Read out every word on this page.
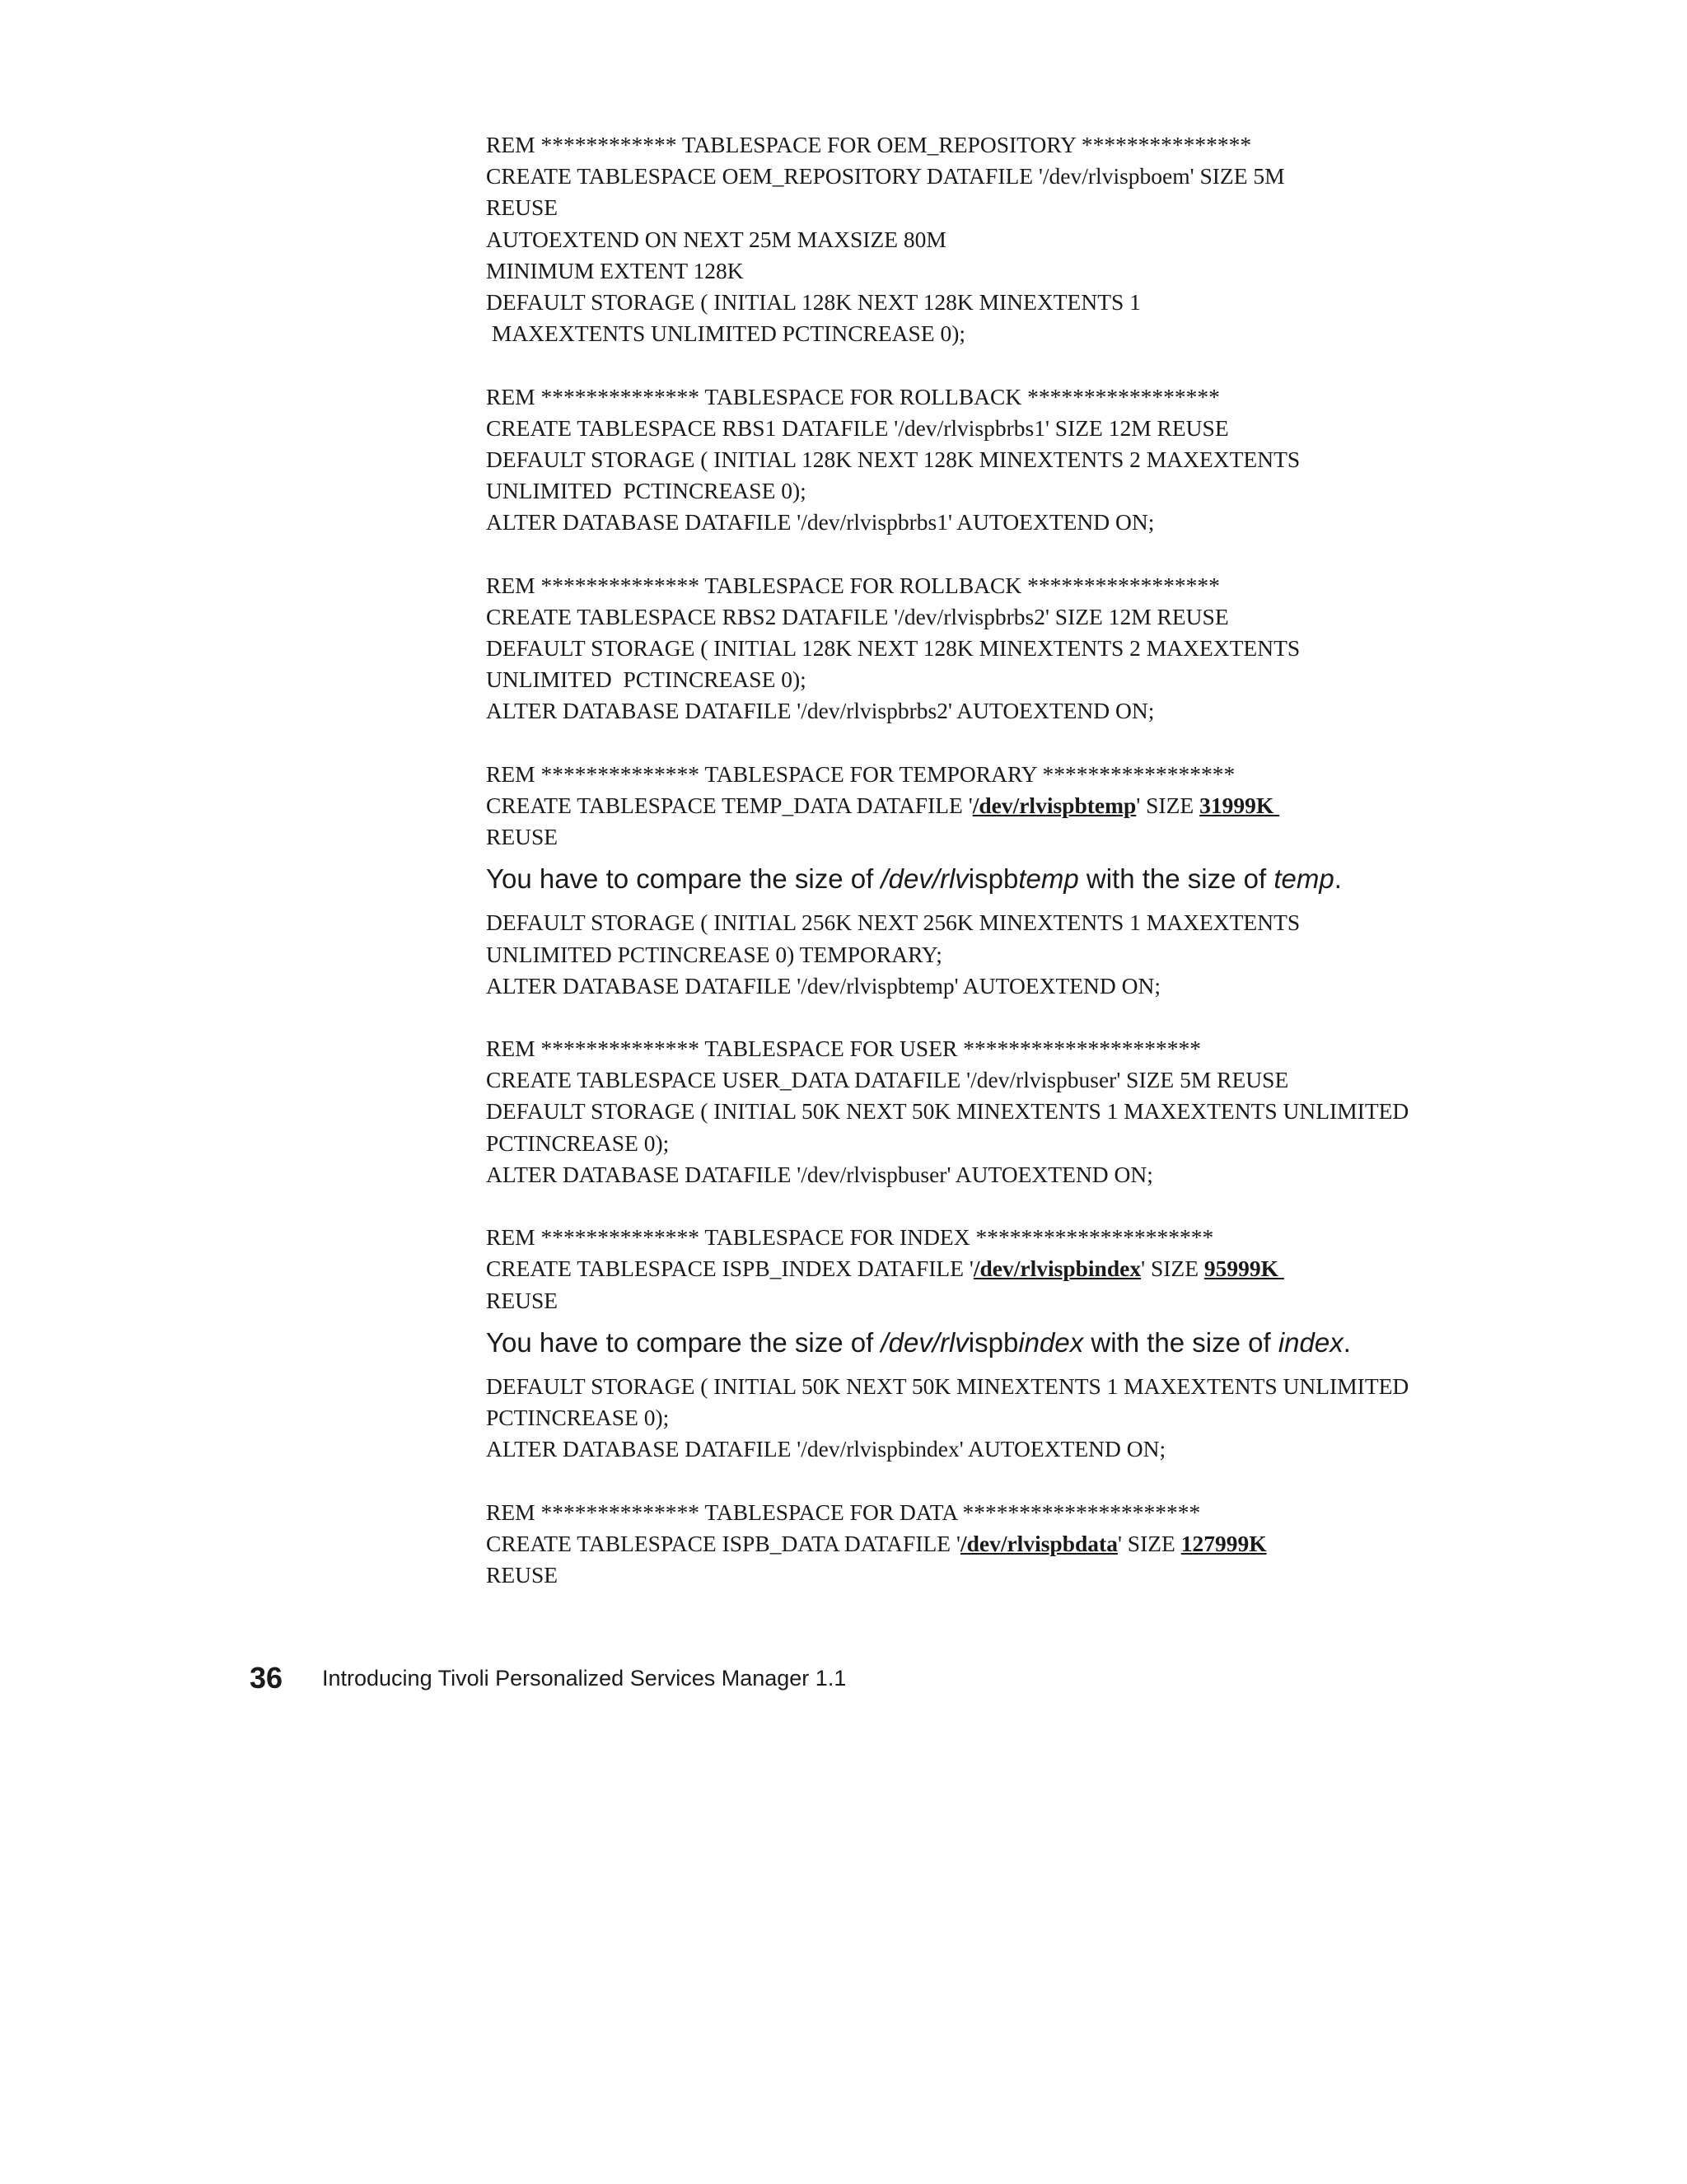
REM ************ TABLESPACE FOR OEM_REPOSITORY ***************
CREATE TABLESPACE OEM_REPOSITORY DATAFILE '/dev/rlvispboem' SIZE 5M
REUSE
AUTOEXTEND ON NEXT 25M MAXSIZE 80M
MINIMUM EXTENT 128K
DEFAULT STORAGE ( INITIAL 128K NEXT 128K MINEXTENTS 1
MAXEXTENTS UNLIMITED PCTINCREASE 0);
REM ************** TABLESPACE FOR ROLLBACK *****************
CREATE TABLESPACE RBS1 DATAFILE '/dev/rlvispbrbs1' SIZE 12M REUSE
DEFAULT STORAGE ( INITIAL 128K NEXT 128K MINEXTENTS 2 MAXEXTENTS
UNLIMITED  PCTINCREASE 0);
ALTER DATABASE DATAFILE '/dev/rlvispbrbs1' AUTOEXTEND ON;
REM ************** TABLESPACE FOR ROLLBACK *****************
CREATE TABLESPACE RBS2 DATAFILE '/dev/rlvispbrbs2' SIZE 12M REUSE
DEFAULT STORAGE ( INITIAL 128K NEXT 128K MINEXTENTS 2 MAXEXTENTS
UNLIMITED  PCTINCREASE 0);
ALTER DATABASE DATAFILE '/dev/rlvispbrbs2' AUTOEXTEND ON;
REM ************** TABLESPACE FOR TEMPORARY *****************
CREATE TABLESPACE TEMP_DATA DATAFILE '/dev/rlvispbtemp' SIZE 31999K
REUSE

You have to compare the size of /dev/rlvispbtemp with the size of temp.

DEFAULT STORAGE ( INITIAL 256K NEXT 256K MINEXTENTS 1 MAXEXTENTS
UNLIMITED PCTINCREASE 0) TEMPORARY;
ALTER DATABASE DATAFILE '/dev/rlvispbtemp' AUTOEXTEND ON;
REM ************** TABLESPACE FOR USER *********************
CREATE TABLESPACE USER_DATA DATAFILE '/dev/rlvispbuser' SIZE 5M REUSE
DEFAULT STORAGE ( INITIAL 50K NEXT 50K MINEXTENTS 1 MAXEXTENTS UNLIMITED
PCTINCREASE 0);
ALTER DATABASE DATAFILE '/dev/rlvispbuser' AUTOEXTEND ON;
REM ************** TABLESPACE FOR INDEX *********************
CREATE TABLESPACE ISPB_INDEX DATAFILE '/dev/rlvispbindex' SIZE 95999K
REUSE

You have to compare the size of /dev/rlvispbindex with the size of index.

DEFAULT STORAGE ( INITIAL 50K NEXT 50K MINEXTENTS 1 MAXEXTENTS UNLIMITED
PCTINCREASE 0);
ALTER DATABASE DATAFILE '/dev/rlvispbindex' AUTOEXTEND ON;
REM ************** TABLESPACE FOR DATA *********************
CREATE TABLESPACE ISPB_DATA DATAFILE '/dev/rlvispbdata' SIZE 127999K
REUSE
36 Introducing Tivoli Personalized Services Manager 1.1
